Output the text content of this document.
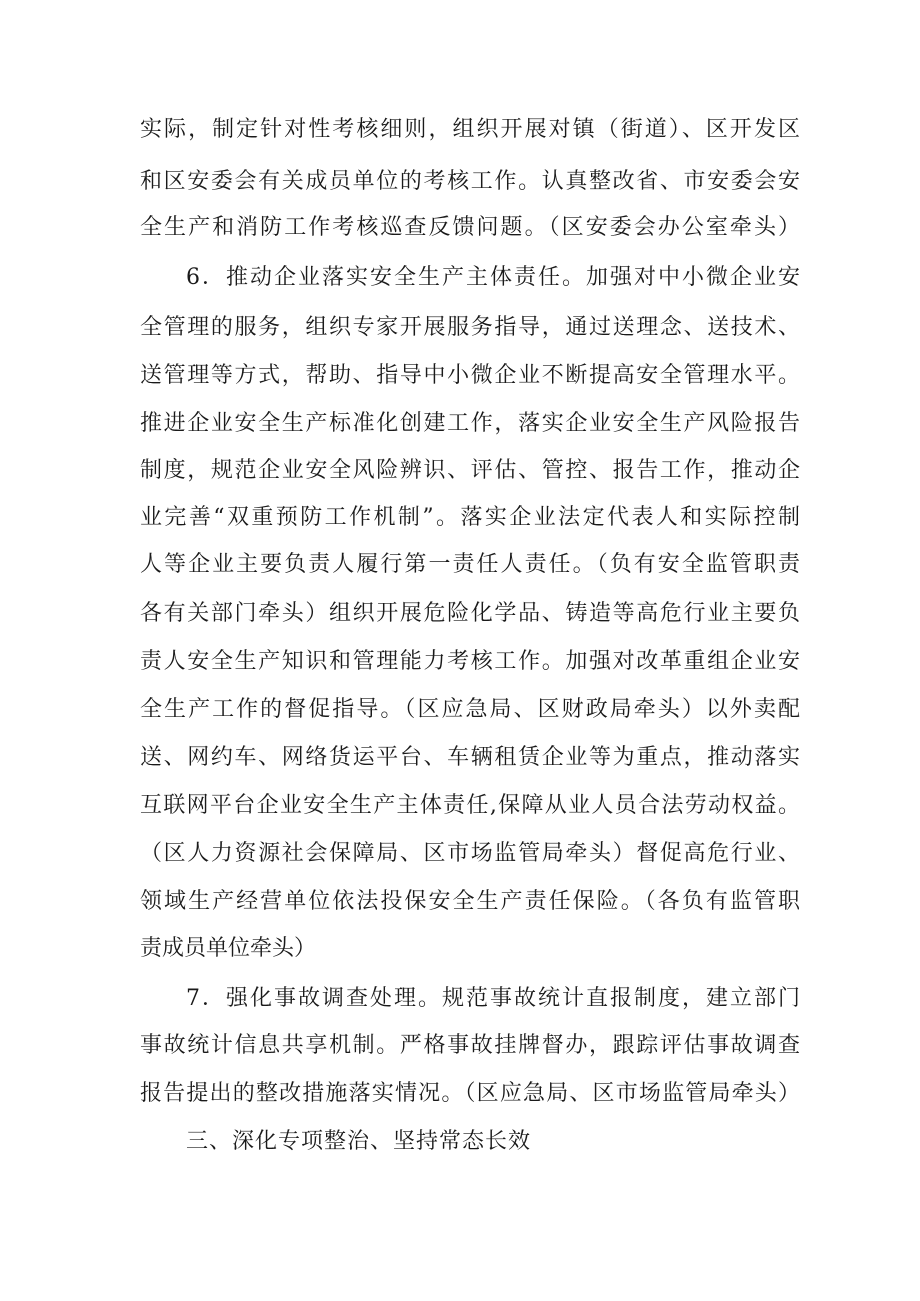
实际，制定针对性考核细则，组织开展对镇（街道）、区开发区
和区安委会有关成员单位的考核工作。认真整改省、市安委会安
全生产和消防工作考核巡查反馈问题。（区安委会办公室牵头）
6．推动企业落实安全生产主体责任。加强对中小微企业安
全管理的服务，组织专家开展服务指导，通过送理念、送技术、
送管理等方式，帮助、指导中小微企业不断提高安全管理水平。
推进企业安全生产标准化创建工作，落实企业安全生产风险报告
制度，规范企业安全风险辨识、评估、管控、报告工作，推动企
业完善“双重预防工作机制”。落实企业法定代表人和实际控制
人等企业主要负责人履行第一责任人责任。（负有安全监管职责
各有关部门牵头）组织开展危险化学品、铸造等高危行业主要负
责人安全生产知识和管理能力考核工作。加强对改革重组企业安
全生产工作的督促指导。（区应急局、区财政局牵头）以外卖配
送、网约车、网络货运平台、车辆租赁企业等为重点，推动落实
互联网平台企业安全生产主体责任,保障从业人员合法劳动权益。
（区人力资源社会保障局、区市场监管局牵头）督促高危行业、
领域生产经营单位依法投保安全生产责任保险。（各负有监管职
责成员单位牵头）
7．强化事故调查处理。规范事故统计直报制度，建立部门
事故统计信息共享机制。严格事故挂牌督办，跟踪评估事故调查
报告提出的整改措施落实情况。（区应急局、区市场监管局牵头）
三、深化专项整治、坚持常态长效
